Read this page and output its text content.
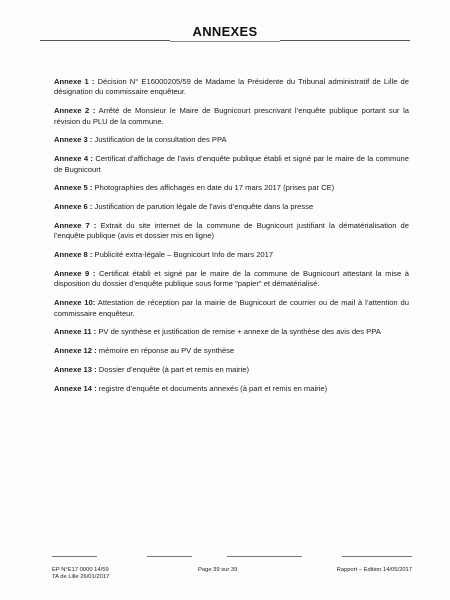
ANNEXES
Annexe 1 : Décision N° E16000205/59 de Madame la Présidente du Tribunal administratif de Lille de désignation du commissaire enquêteur.
Annexe 2 : Arrêté de Monsieur le Maire de Bugnicourt prescrivant l’enquête publique portant sur la révision du PLU de la commune.
Annexe 3 : Justification de la consultation des PPA
Annexe 4 : Certificat d’affichage de l’avis d’enquête publique établi et signé par le maire de la commune de Bugnicourt
Annexe 5 : Photographies des affichages en date du 17 mars 2017 (prises par CE)
Annexe 6 : Justification de parution légale de l’avis d’enquête dans la presse
Annexe 7 : Extrait du site internet de la commune de Bugnicourt justifiant la dématérialisation de l’enquête publique (avis et dossier mis en ligne)
Annexe 8 : Publicité extra-légale – Bugnicourt Info de mars 2017
Annexe 9 : Certificat établi et signé par le maire de la commune de Bugnicourt attestant la mise à disposition du dossier d’enquête publique sous forme "papier" et dématérialisé.
Annexe 10: Attestation de réception par la mairie de Bugnicourt de courrier ou de mail à l’attention du commissaire enquêteur.
Annexe 11 : PV de synthèse et justification de remise + annexe de la synthèse des avis des PPA
Annexe 12 : mémoire en réponse au PV de synthèse
Annexe 13 : Dossier d’enquête (à part et remis en mairie)
Annexe 14 : registre d’enquête et documents annexés (à part et remis en mairie)
EP N°E17 0000 14/59
TA de Lille 26/01/2017
Page 39 sur 39	Rapport – Edition 14/05/2017
